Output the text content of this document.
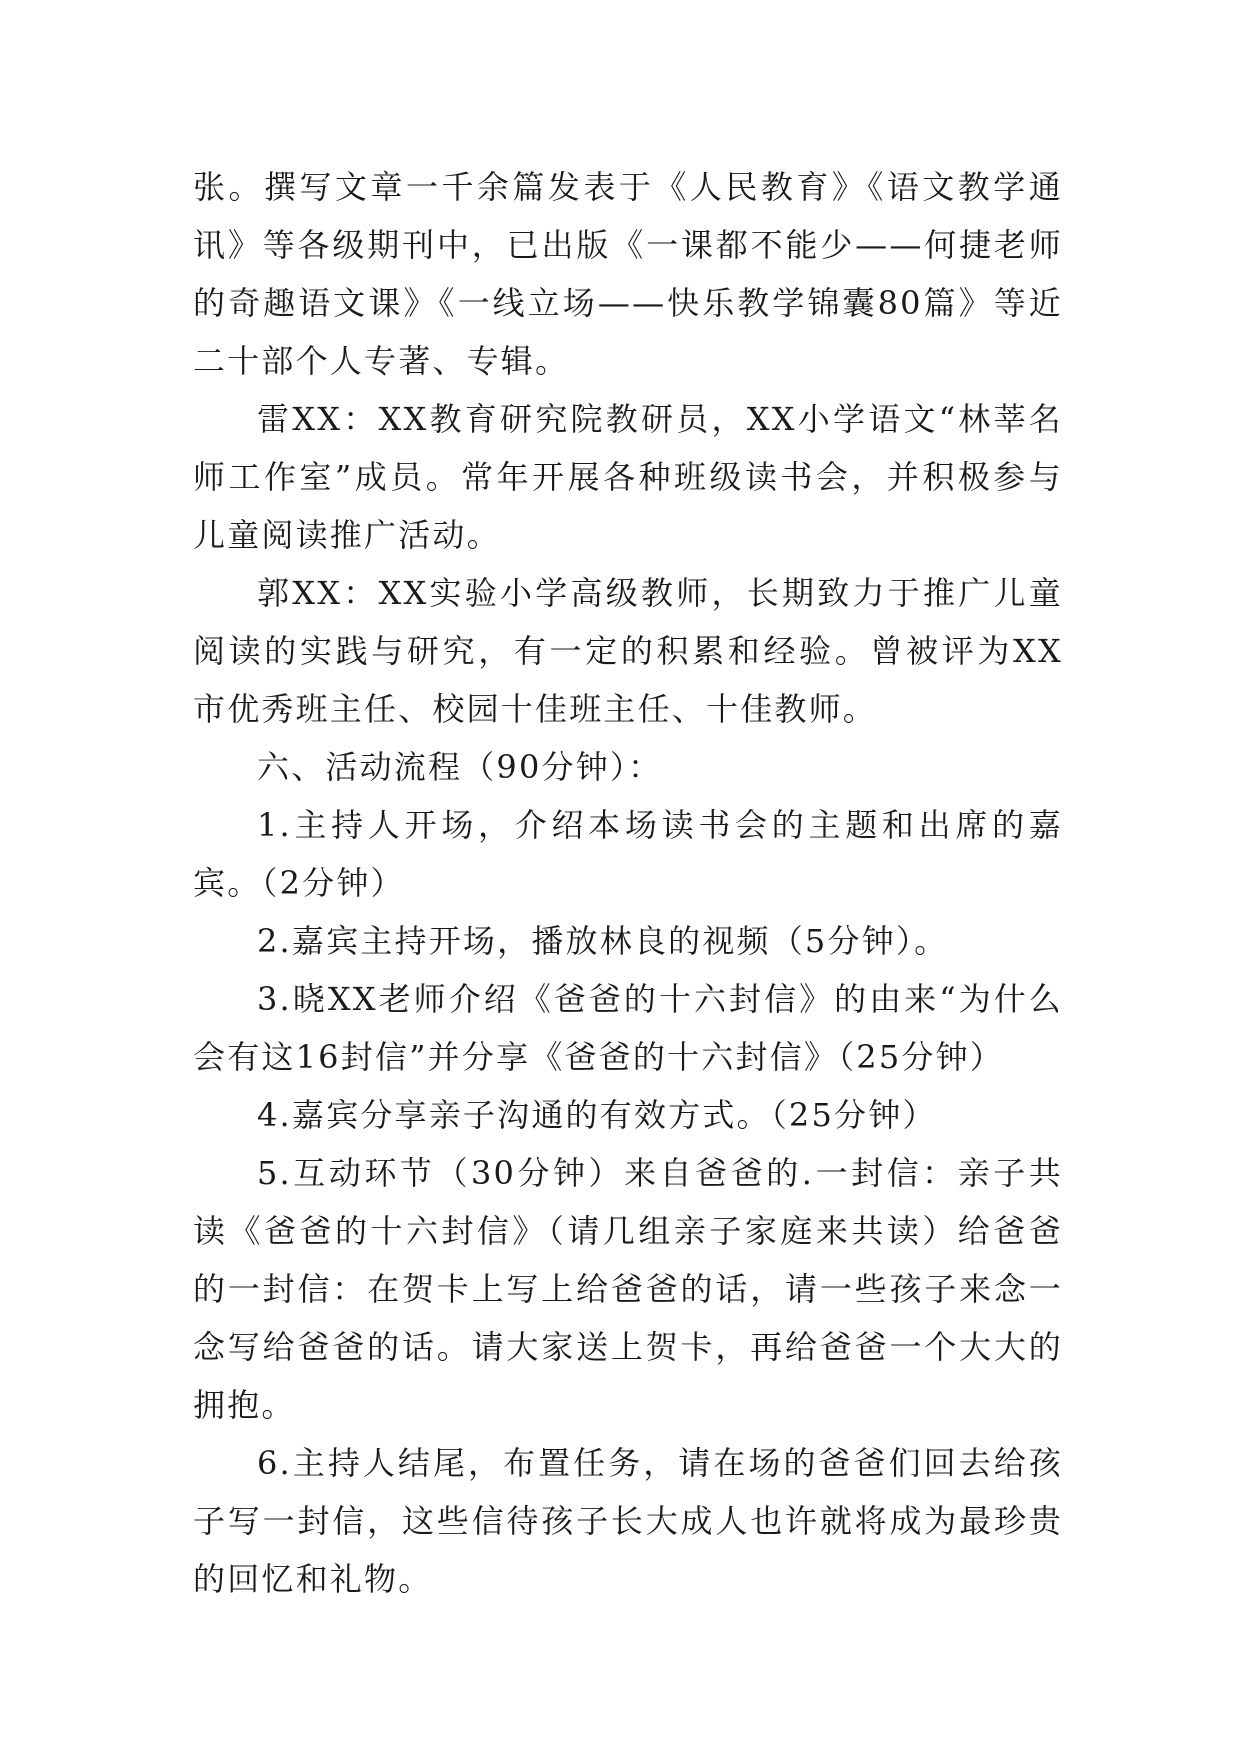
张。撰写文章一千余篇发表于《人民教育》《语文教学通讯》等各级期刊中，已出版《一课都不能少——何捷老师的奇趣语文课》《一线立场——快乐教学锦囊80篇》等近二十部个人专著、专辑。

雷XX：XX教育研究院教研员，XX小学语文“林莘名师工作室”成员。常年开展各种班级读书会，并积极参与儿童阅读推广活动。

郭XX：XX实验小学高级教师，长期致力于推广儿童阅读的实践与研究，有一定的积累和经验。曾被评为XX市优秀班主任、校园十佳班主任、十佳教师。

六、活动流程（90分钟）：

1.主持人开场，介绍本场读书会的主题和出席的嘉宾。（2分钟）

2.嘉宾主持开场，播放林良的视频（5分钟）。

3.晓XX老师介绍《爸爸的十六封信》的由来“为什么会有这16封信”并分享《爸爸的十六封信》（25分钟）

4.嘉宾分享亲子沟通的有效方式。（25分钟）

5.互动环节（30分钟）来自爸爸的.一封信：亲子共读《爸爸的十六封信》（请几组亲子家庭来共读）给爸爸的一封信：在贺卡上写上给爸爸的话，请一些孩子来念一念写给爸爸的话。请大家送上贺卡，再给爸爸一个大大的拥抱。

6.主持人结尾，布置任务，请在场的爸爸们回去给孩子写一封信，这些信待孩子长大成人也许就将成为最珍贵的回忆和礼物。
